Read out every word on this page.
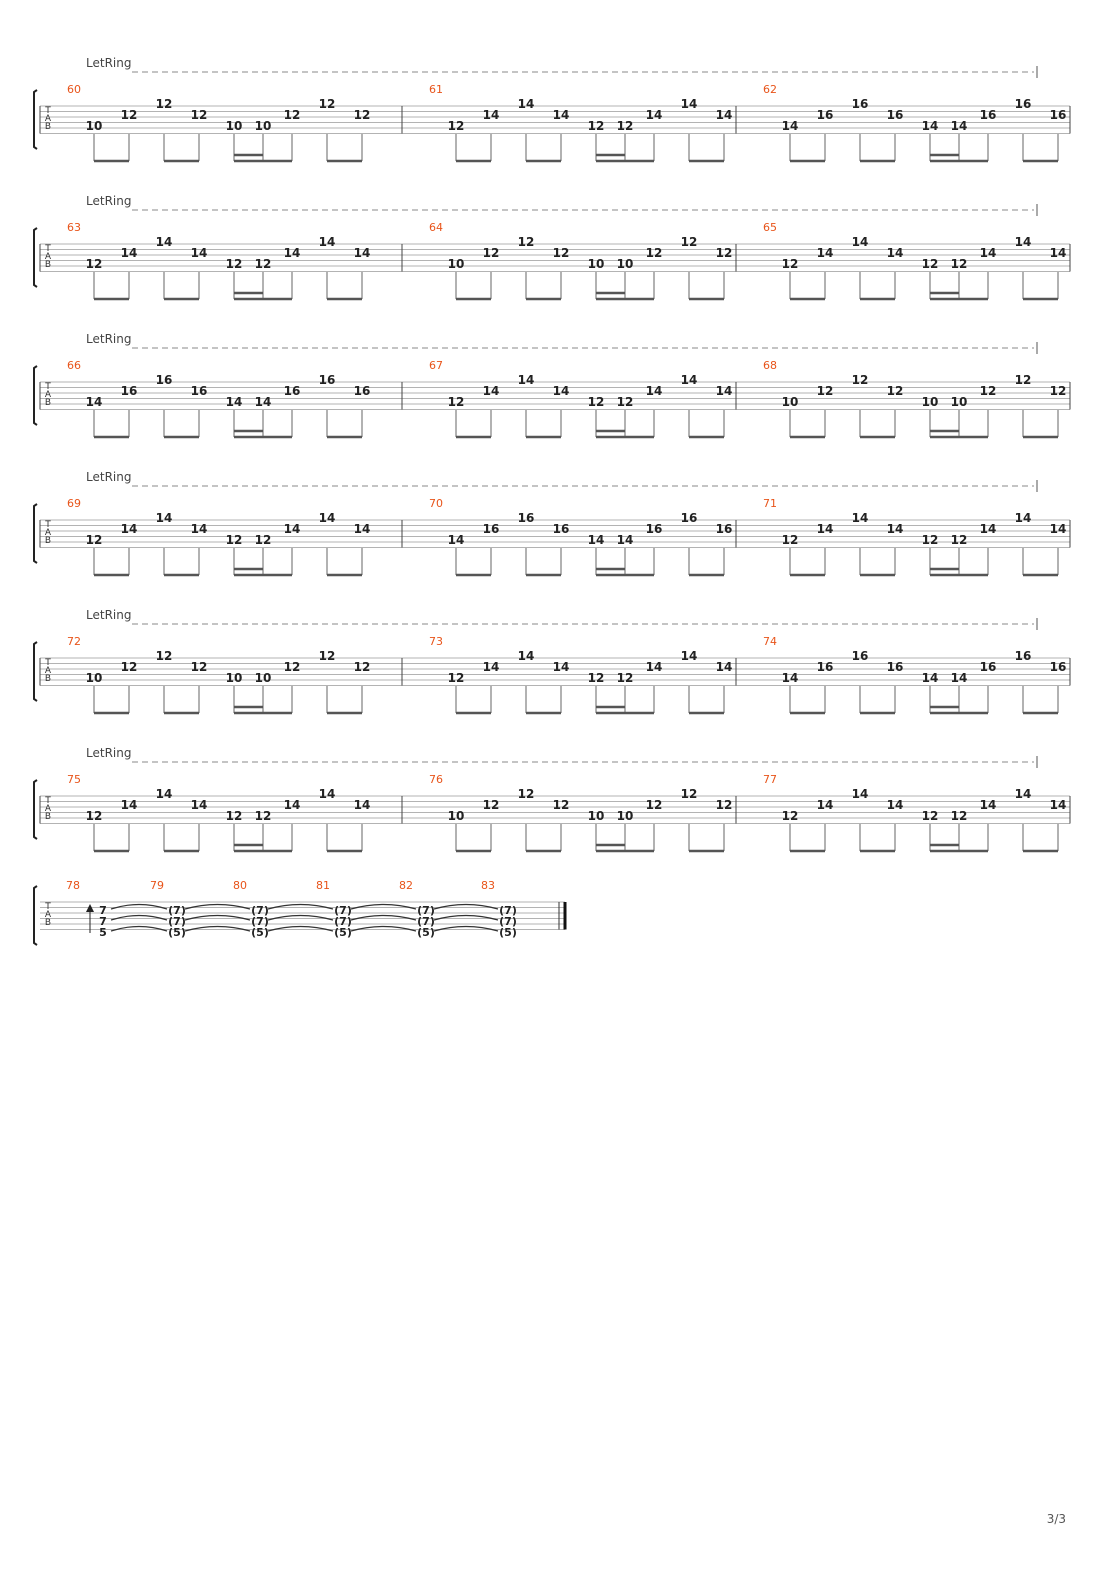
LetRing
T
A
B
60
10
12
12
12
10 10
12
12
12
61
12
14
14
14
12 12
14
14
14
62
14
16
16
16
14 14
16
16
16
LetRing
T
A
B
63
12
14
14
14
12 12
14
14
14
64
10
12
12
12
10 10
12
12
12
65
12
14
14
14
12 12
14
14
14
LetRing
T
A
B
66
14
16
16
16
14 14
16
16
16
67
12
14
14
14
12 12
14
14
14
68
10
12
12
12
10 10
12
12
12
LetRing
T
A
B
69
12
14
14
14
12 12
14
14
14
70
14
16
16
16
14 14
16
16
16
71
12
14
14
14
12 12
14
14
14
LetRing
T
A
B
72
10
12
12
12
10 10
12
12
12
73
12
14
14
14
12 12
14
14
14
74
14
16
16
16
14 14
16
16
16
LetRing
T
A
B
75
12
14
14
14
12 12
14
14
14
76
10
12
12
12
10 10
12
12
12
77
12
14
14
14
12 12
14
14
14
T
A
B
78
7
7
5
79
(7)
(7)
(5)
80
(7)
(7)
(5)
81
(7)
(7)
(5)
82
(7)
(7)
(5)
83
(7)
(7)
(5)
3/3
